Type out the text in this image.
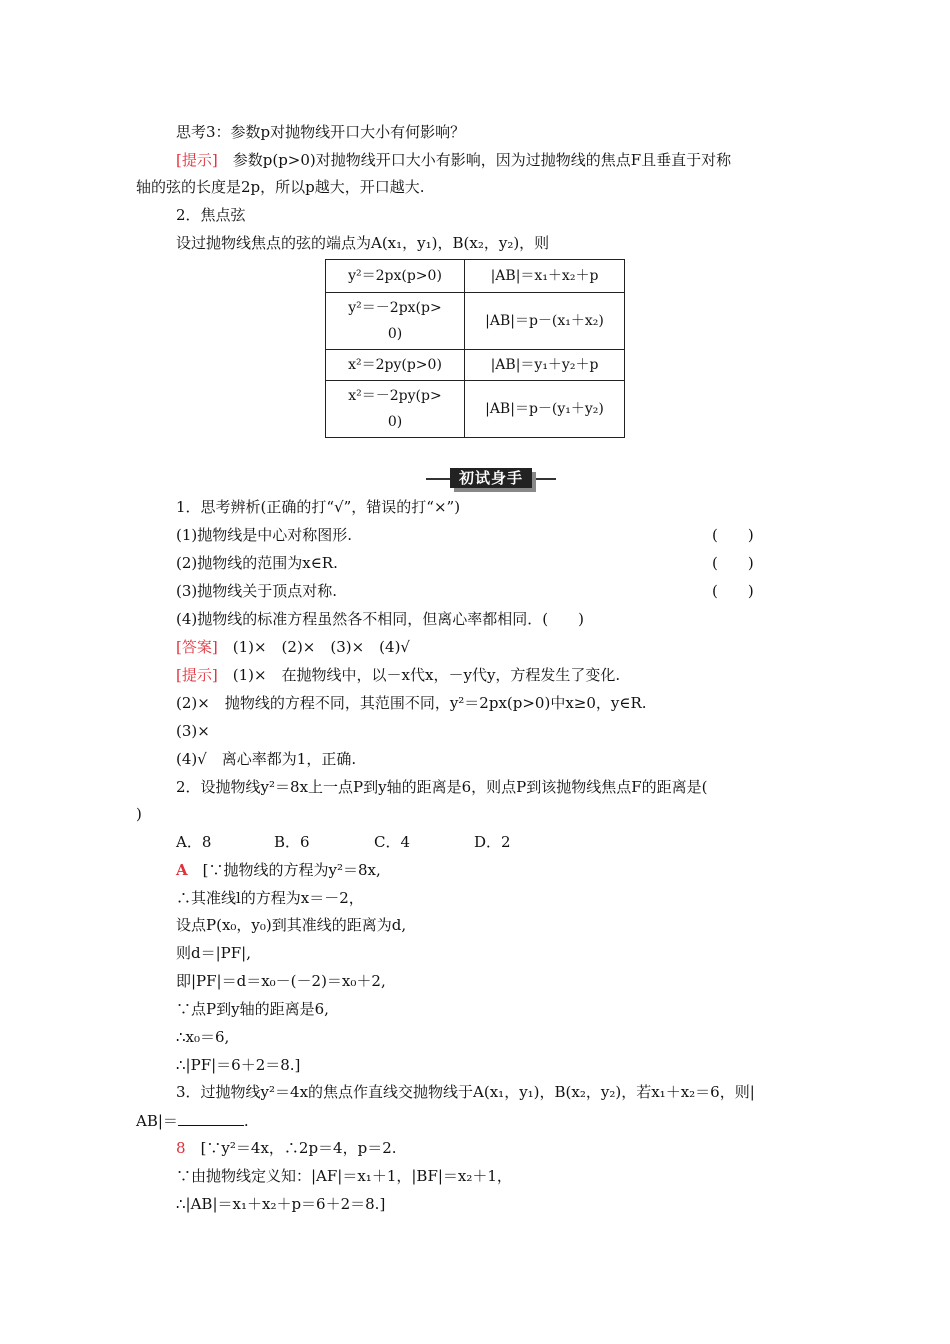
思考3：参数p对抛物线开口大小有何影响？
[提示]　 参数p(p>0)对抛物线开口大小有影响，因为过抛物线的焦点F且垂直于对称
轴的弦的长度是2p，所以p越大，开口越大.
2．焦点弦
设过抛物线焦点的弦的端点为A(x₁，y₁)，B(x₂，y₂)，则
y²＝2px(p>0)	|AB|＝x₁＋x₂＋p
y²＝－2px(p>
0)	|AB|＝p－(x₁＋x₂)
x²＝2py(p>0)	|AB|＝y₁＋y₂＋p
x²＝－2py(p>
0)	|AB|＝p－(y₁＋y₂)
初试身手
1．思考辨析(正确的打“√”，错误的打“×”)
(1)抛物线是中心对称图形.	(　　)
(2)抛物线的范围为x∈R.	(　　)
(3)抛物线关于顶点对称.	(　　)
(4)抛物线的标准方程虽然各不相同，但离心率都相同．(　　)
[答案]　 (1)×　(2)×　(3)×　(4)√
[提示]　 (1)×　在抛物线中，以－x代x，－y代y，方程发生了变化.
(2)×　抛物线的方程不同，其范围不同，y²＝2px(p>0)中x≥0，y∈R.
(3)×
(4)√　离心率都为1，正确.
2．设抛物线y²＝8x上一点P到y轴的距离是6，则点P到该抛物线焦点F的距离是(
)
A．8	B．6	C．4	D．2
A　 [∵抛物线的方程为y²＝8x,
∴其准线l的方程为x＝－2，
设点P(x₀，y₀)到其准线的距离为d,
则d＝|PF|,
即|PF|＝d＝x₀－(－2)＝x₀＋2,
∵点P到y轴的距离是6,
∴x₀＝6,
∴|PF|＝6＋2＝8.]
3．过抛物线y²＝4x的焦点作直线交抛物线于A(x₁，y₁)，B(x₂，y₂)，若x₁＋x₂＝6，则|
AB|＝	.
8　 [∵y²＝4x，∴2p＝4，p＝2.
∵由抛物线定义知：|AF|＝x₁＋1，|BF|＝x₂＋1，
∴|AB|＝x₁＋x₂＋p＝6＋2＝8.]
